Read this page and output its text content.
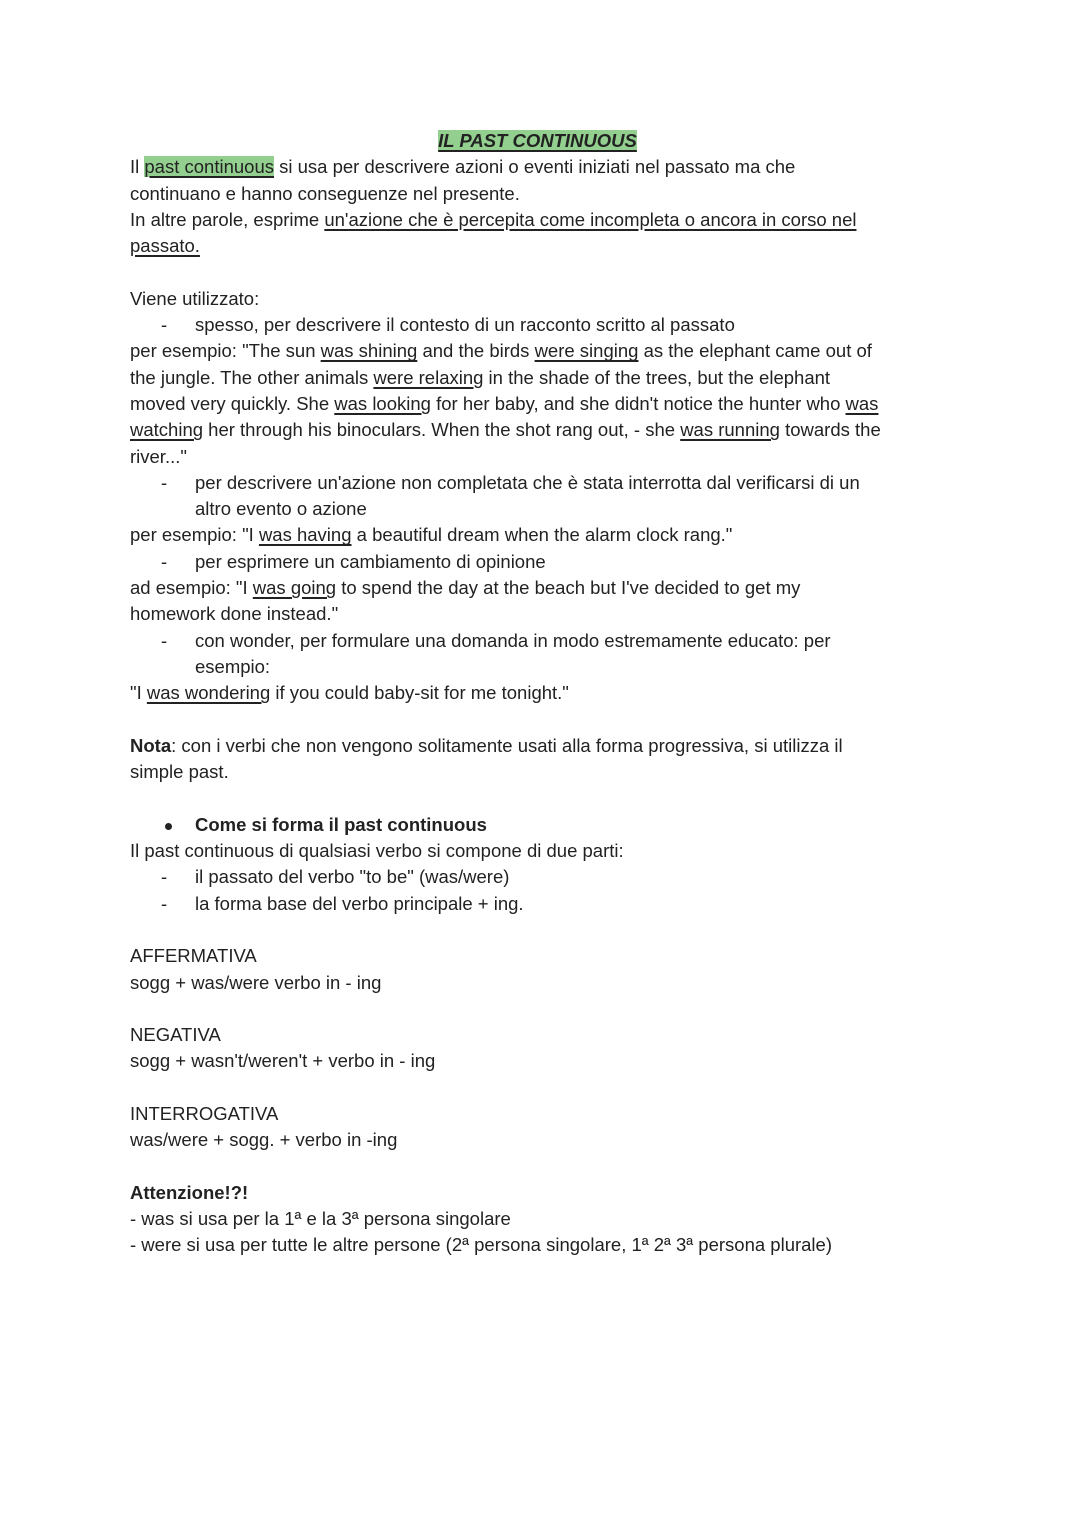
IL PAST CONTINUOUS
Il past continuous si usa per descrivere azioni o eventi iniziati nel passato ma che
continuano e hanno conseguenze nel presente.
In altre parole, esprime un'azione che è percepita come incompleta o ancora in corso nel
passato.
Viene utilizzato:
- spesso, per descrivere il contesto di un racconto scritto al passato
per esempio: "The sun was shining and the birds were singing as the elephant came out of
the jungle. The other animals were relaxing in the shade of the trees, but the elephant
moved very quickly. She was looking for her baby, and she didn't notice the hunter who was
watching her through his binoculars. When the shot rang out, - she was running towards the
river..."
- per descrivere un'azione non completata che è stata interrotta dal verificarsi di un
altro evento o azione
per esempio: "I was having a beautiful dream when the alarm clock rang."
- per esprimere un cambiamento di opinione
ad esempio: "I was going to spend the day at the beach but I've decided to get my
homework done instead."
- con wonder, per formulare una domanda in modo estremamente educato: per
esempio:
"I was wondering if you could baby-sit for me tonight."
Nota: con i verbi che non vengono solitamente usati alla forma progressiva, si utilizza il
simple past.
Come si forma il past continuous
Il past continuous di qualsiasi verbo si compone di due parti:
- il passato del verbo "to be" (was/were)
- la forma base del verbo principale + ing.
AFFERMATIVA
sogg + was/were verbo in - ing
NEGATIVA
sogg + wasn't/weren't + verbo in - ing
INTERROGATIVA
was/were + sogg. + verbo in -ing
Attenzione!?!
- was si usa per la 1ª e la 3ª persona singolare
- were si usa per tutte le altre persone (2ª persona singolare, 1ª 2ª 3ª persona plurale)
